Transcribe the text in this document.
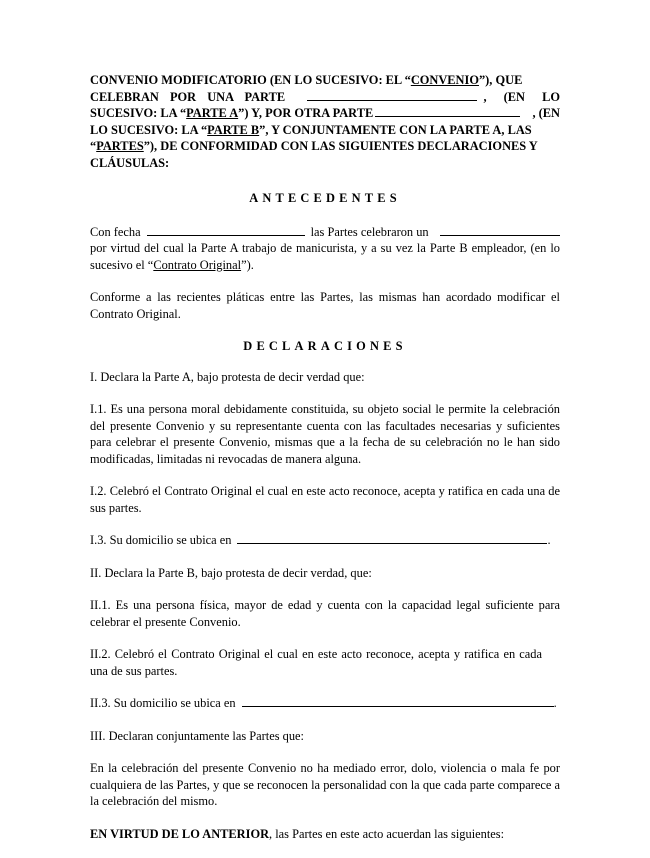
CONVENIO MODIFICATORIO (EN LO SUCESIVO: EL “CONVENIO”), QUE
CELEBRAN POR UNA PARTE	, (EN LO
SUCESIVO: LA “PARTE A”) Y, POR OTRA PARTE	, (EN
LO SUCESIVO: LA “PARTE B”, Y CONJUNTAMENTE CON LA PARTE A, LAS
“PARTES”), DE CONFORMIDAD CON LAS SIGUIENTES DECLARACIONES Y
CLÁUSULAS:
ANTECEDENTES
Con fecha	las Partes celebraron un
por virtud del cual la Parte A trabajo de manicurista, y a su vez la Parte B empleador, (en lo sucesivo el “Contrato Original”).
Conforme a las recientes pláticas entre las Partes, las mismas han acordado modificar el Contrato Original.
DECLARACIONES
I. Declara la Parte A, bajo protesta de decir verdad que:
I.1. Es una persona moral debidamente constituida, su objeto social le permite la celebración del presente Convenio y su representante cuenta con las facultades necesarias y suficientes para celebrar el presente Convenio, mismas que a la fecha de su celebración no le han sido modificadas, limitadas ni revocadas de manera alguna.
I.2. Celebró el Contrato Original el cual en este acto reconoce, acepta y ratifica en cada una de sus partes.
I.3. Su domicilio se ubica en	.
II. Declara la Parte B, bajo protesta de decir verdad, que:
II.1. Es una persona física, mayor de edad y cuenta con la capacidad legal suficiente para celebrar el presente Convenio.
II.2. Celebró el Contrato Original el cual en este acto reconoce, acepta y ratifica en cada una de sus partes.
II.3. Su domicilio se ubica en	.
III. Declaran conjuntamente las Partes que:
En la celebración del presente Convenio no ha mediado error, dolo, violencia o mala fe por cualquiera de las Partes, y que se reconocen la personalidad con la que cada parte comparece a la celebración del mismo.
EN VIRTUD DE LO ANTERIOR, las Partes en este acto acuerdan las siguientes:
